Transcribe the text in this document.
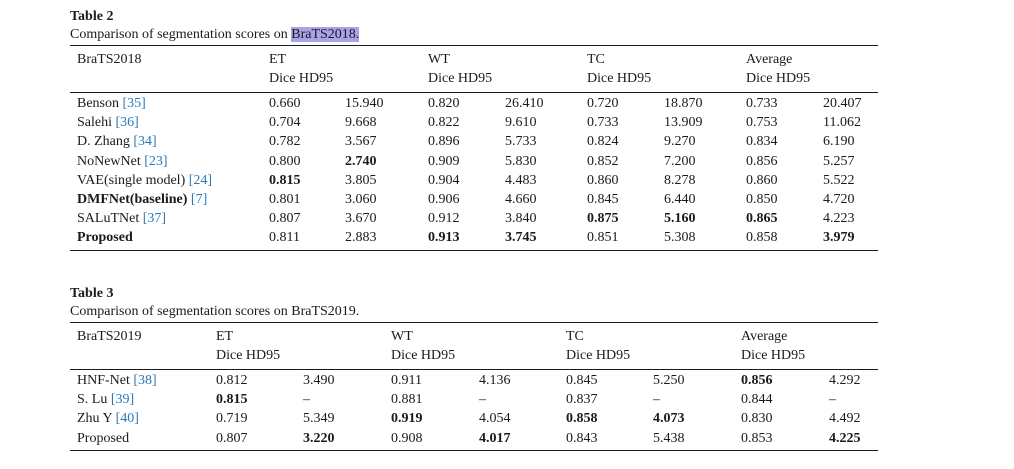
Table 2
Comparison of segmentation scores on BraTS2018.
BraTS2018	ET
Dice HD95
WT
Dice HD95
TC
Dice HD95
Average
Dice HD95
Benson [35]	0.660	15.940	0.820	26.410	0.720	18.870	0.733	20.407
Salehi [36]	0.704	9.668	0.822	9.610	0.733	13.909	0.753	11.062
D. Zhang [34]	0.782	3.567	0.896	5.733	0.824	9.270	0.834	6.190
NoNewNet [23]	0.800	2.740	0.909	5.830	0.852	7.200	0.856	5.257
VAE(single model) [24]	0.815	3.805	0.904	4.483	0.860	8.278	0.860	5.522
DMFNet(baseline) [7]	0.801	3.060	0.906	4.660	0.845	6.440	0.850	4.720
SALuTNet [37]	0.807	3.670	0.912	3.840	0.875	5.160	0.865	4.223
Proposed	0.811	2.883	0.913	3.745	0.851	5.308	0.858	3.979
Table 3
Comparison of segmentation scores on BraTS2019.
BraTS2019	ET
Dice HD95
WT
Dice HD95
TC
Dice HD95
Average
Dice HD95
HNF-Net [38]	0.812	3.490	0.911	4.136	0.845	5.250	0.856	4.292
S. Lu [39]	0.815	–	0.881	–	0.837	–	0.844	–
Zhu Y [40]	0.719	5.349	0.919	4.054	0.858	4.073	0.830	4.492
Proposed	0.807	3.220	0.908	4.017	0.843	5.438	0.853	4.225
